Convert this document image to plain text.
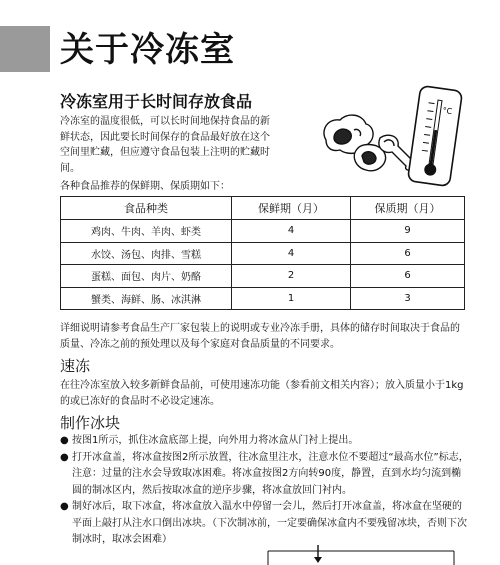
关于冷冻室
冷冻室用于长时间存放食品
冷冻室的温度很低，可以长时间地保持食品的新鲜状态，因此要长时间保存的食品最好放在这个空间里贮藏，但应遵守食品包装上注明的贮藏时间。
°C
各种食品推荐的保鲜期、保质期如下：
食品种类	保鲜期（月）	保质期（月）
鸡肉、牛肉、羊肉、虾类	4	9
水饺、汤包、肉排、雪糕	4	6
蛋糕、面包、肉片、奶酪	2	6
蟹类、海鲜、肠、冰淇淋	1	3
详细说明请参考食品生产厂家包装上的说明或专业冷冻手册，具体的储存时间取决于食品的质量、冷冻之前的预处理以及每个家庭对食品质量的不同要求。
速冻
在往冷冻室放入较多新鲜食品前，可使用速冻功能（参看前文相关内容）；放入质量小于1kg的或已冻好的食品时不必设定速冻。
制作冰块
● 按图1所示，抓住冰盒底部上提，向外用力将冰盒从门衬上提出。
● 打开冰盒盖，将冰盒按图2所示放置，往冰盒里注水，注意水位不要超过“最高水位”标志，注意：过量的注水会导致取冰困难。将冰盒按图2方向转90度，静置，直到水均匀流到椭圆的制冰区内，然后按取冰盒的逆序步骤，将冰盒放回门衬内。
● 制好冰后，取下冰盒，将冰盒放入温水中停留一会儿，然后打开冰盒盖，将冰盒在坚硬的平面上敲打从注水口倒出冰块。（下次制冰前，一定要确保冰盒内不要残留冰块，否则下次制冰时，取冰会困难）
